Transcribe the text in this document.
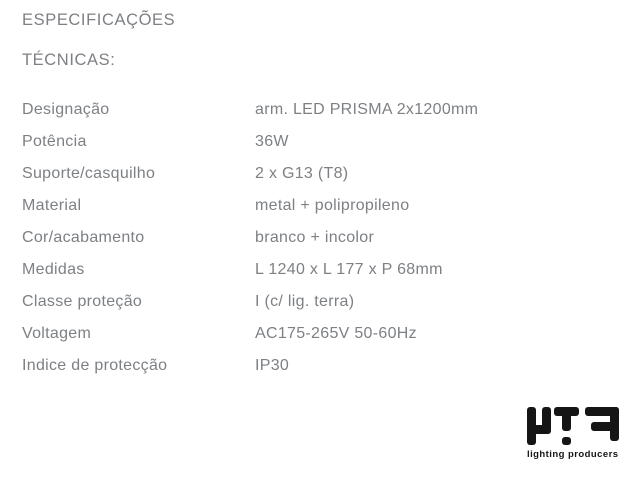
ESPECIFICAÇÕES
TÉCNICAS:
Designação	arm. LED PRISMA 2x1200mm
Potência	36W
Suporte/casquilho	2 x G13 (T8)
Material	metal + polipropileno
Cor/acabamento	branco + incolor
Medidas	L 1240 x L 177 x P 68mm
Classe proteção	I (c/ lig. terra)
Voltagem	AC175-265V 50-60Hz
Indice de protecção	IP30
lighting producers
